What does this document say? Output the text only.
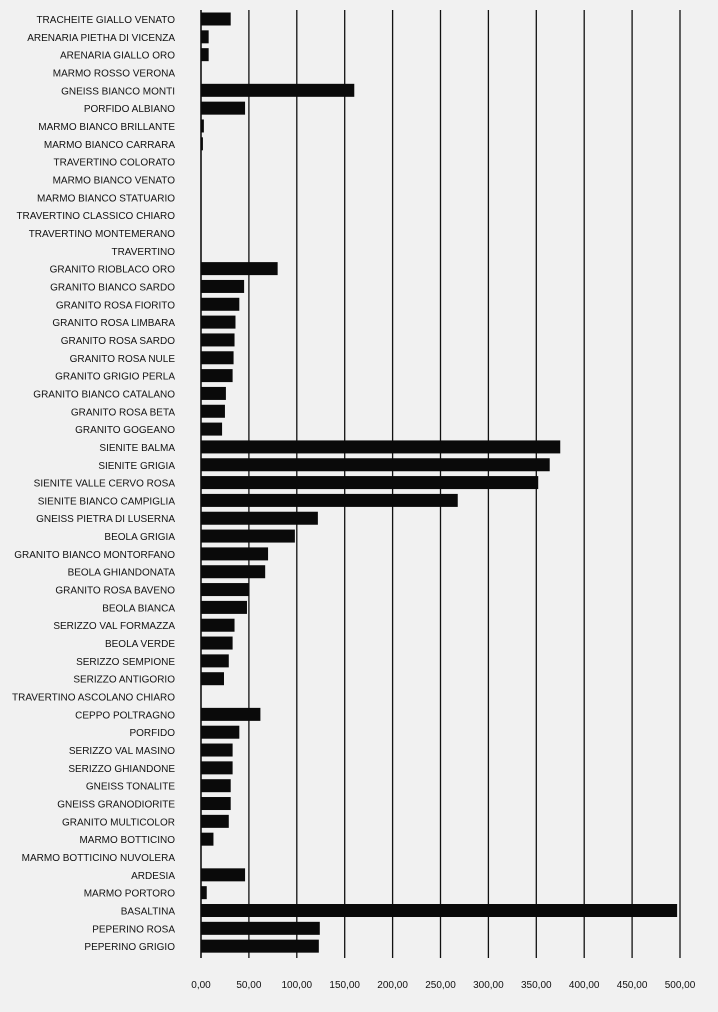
TRACHEITE GIALLO VENATO
ARENARIA PIETHA DI VICENZA
ARENARIA GIALLO ORO
MARMO ROSSO VERONA
GNEISS BIANCO MONTI
PORFIDO ALBIANO
MARMO BIANCO BRILLANTE
MARMO BIANCO CARRARA
TRAVERTINO COLORATO
MARMO BIANCO VENATO
MARMO BIANCO STATUARIO
TRAVERTINO CLASSICO CHIARO
TRAVERTINO MONTEMERANO
TRAVERTINO
GRANITO RIOBLACO ORO
GRANITO BIANCO SARDO
GRANITO ROSA FIORITO
GRANITO ROSA LIMBARA
GRANITO ROSA SARDO
GRANITO ROSA NULE
GRANITO GRIGIO PERLA
GRANITO BIANCO CATALANO
GRANITO ROSA BETA
GRANITO GOGEANO
SIENITE BALMA
SIENITE GRIGIA
SIENITE VALLE CERVO ROSA
SIENITE BIANCO CAMPIGLIA
GNEISS PIETRA DI LUSERNA
BEOLA GRIGIA
GRANITO BIANCO MONTORFANO
BEOLA GHIANDONATA
GRANITO ROSA BAVENO
BEOLA BIANCA
SERIZZO VAL FORMAZZA
BEOLA VERDE
SERIZZO SEMPIONE
SERIZZO ANTIGORIO
TRAVERTINO ASCOLANO CHIARO
CEPPO POLTRAGNO
PORFIDO
SERIZZO VAL MASINO
SERIZZO GHIANDONE
GNEISS TONALITE
GNEISS GRANODIORITE
GRANITO MULTICOLOR
MARMO BOTTICINO
MARMO BOTTICINO NUVOLERA
ARDESIA
MARMO PORTORO
BASALTINA
PEPERINO ROSA
PEPERINO GRIGIO
0,00	50,00 100,00 150,00 200,00 250,00 300,00 350,00 400,00 450,00 500,00
